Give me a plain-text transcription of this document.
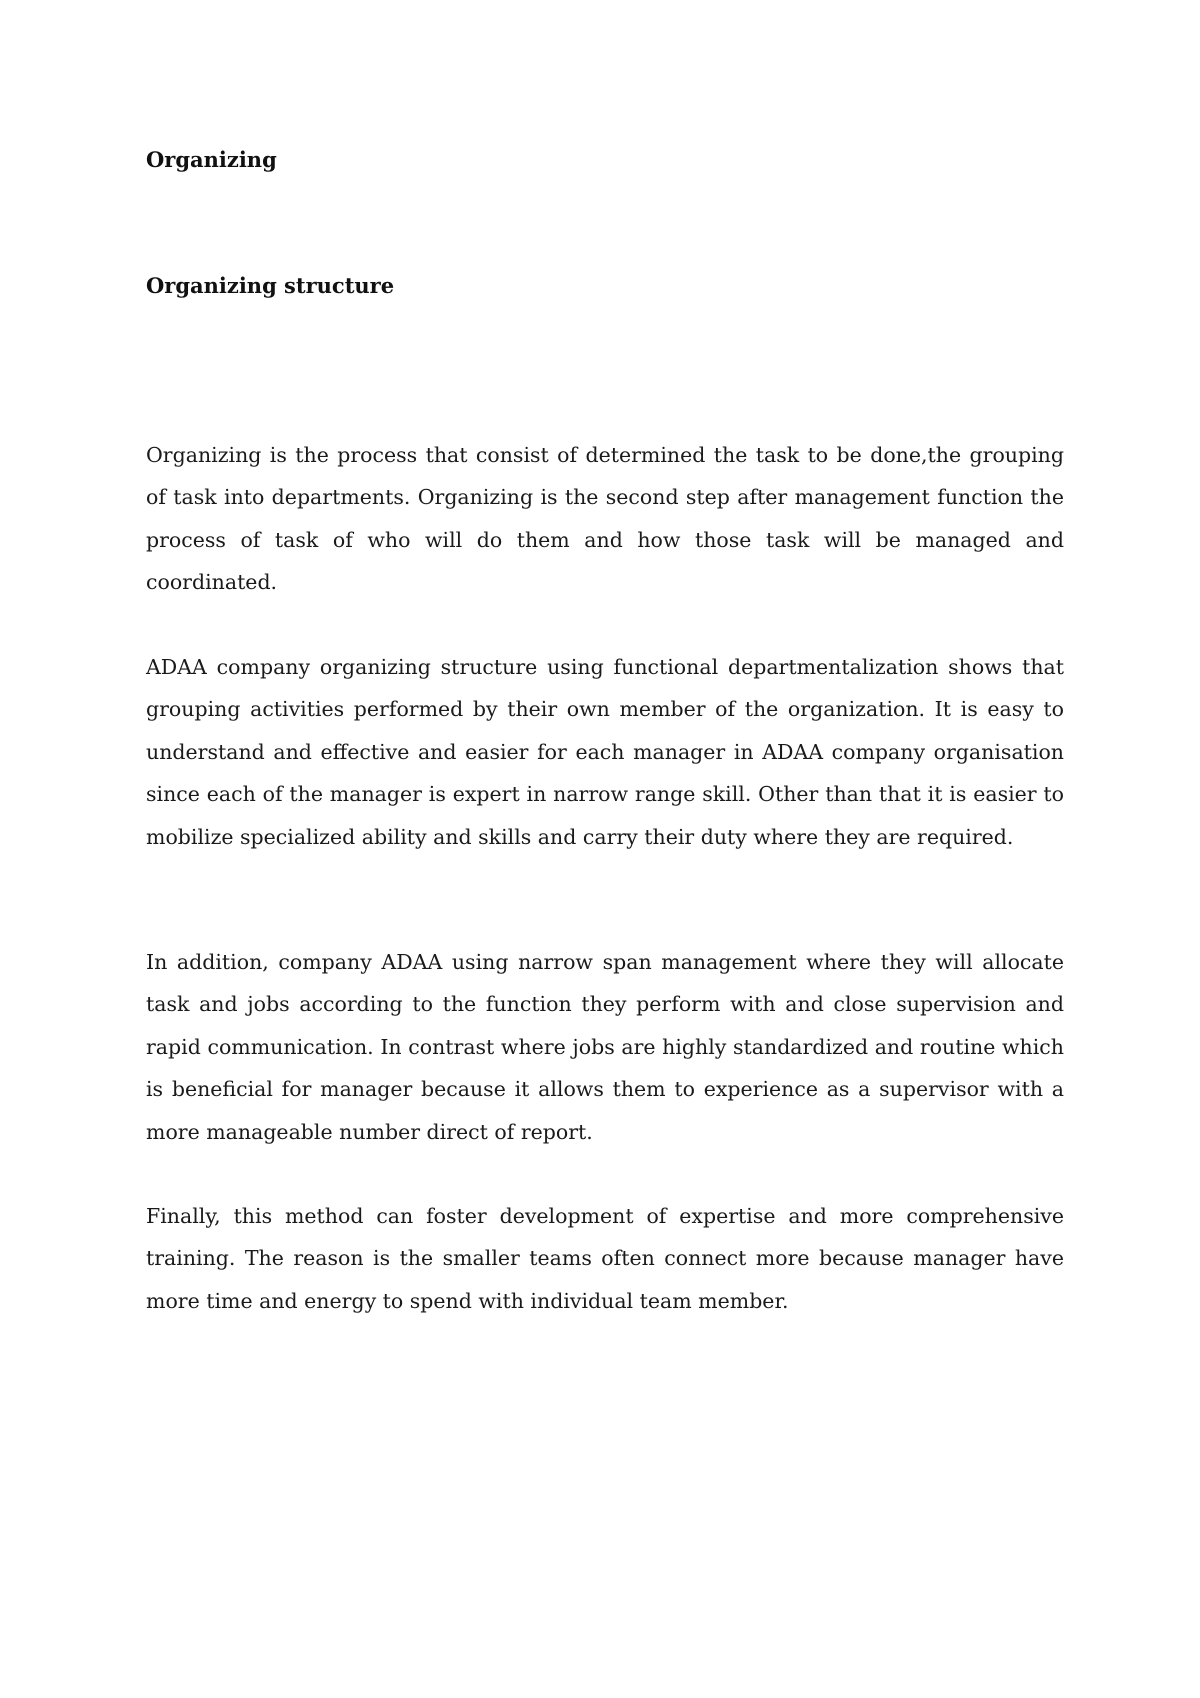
Organizing
Organizing structure

Organizing is the process that consist of determined the task to be done,the grouping of task into departments. Organizing is the second step after management function the process of task of who will do them and how those task will be managed and coordinated.

ADAA company organizing structure using functional departmentalization shows that grouping activities performed by their own member of the organization. It is easy to understand and effective and easier for each manager in ADAA company organisation since each of the manager is expert in narrow range skill. Other than that it is easier to mobilize specialized ability and skills and carry their duty where they are required.

In addition, company ADAA using narrow span management where they will allocate task and jobs according to the function they perform with and close supervision and rapid communication. In contrast where jobs are highly standardized and routine which is beneficial for manager because it allows them to experience as a supervisor with a more manageable number direct of report.

Finally, this method can foster development of expertise and more comprehensive training. The reason is the smaller teams often connect more because manager have more time and energy to spend with individual team member.
